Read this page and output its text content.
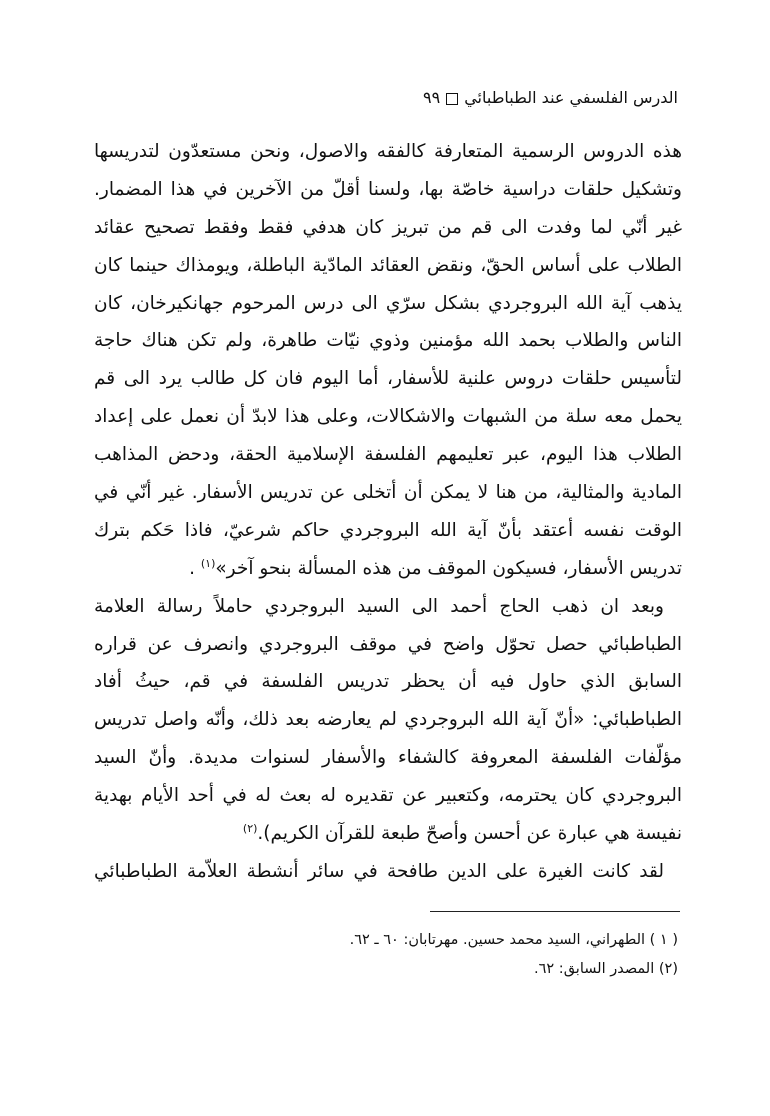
الدرس الفلسفي عند الطباطبائي٩٩
هذه الدروس الرسمية المتعارفة كالفقه والاصول، ونحن مستعدّون لتدريسها
وتشكيل حلقات دراسية خاصّة بها، ولسنا أقلّ من الآخرين في هذا المضمار.
غير أنّي لما وفدت الى قم من تبريز كان هدفي فقط وفقط تصحيح عقائد
الطلاب على أساس الحقّ، ونقض العقائد المادّية الباطلة، ويومذاك حينما كان
يذهب آية الله البروجردي بشكل سرّي الى درس المرحوم جهانكيرخان، كان
الناس والطلاب بحمد الله مؤمنين وذوي نيّات طاهرة، ولم تكن هناك حاجة
لتأسيس حلقات دروس علنية للأسفار، أما اليوم فان كل طالب يرد الى قم
يحمل معه سلة من الشبهات والاشكالات، وعلى هذا لابدّ أن نعمل على إعداد
الطلاب هذا اليوم، عبر تعليمهم الفلسفة الإسلامية الحقة، ودحض المذاهب
المادية والمثالية، من هنا لا يمكن أن أتخلى عن تدريس الأسفار. غير أنّي في
الوقت نفسه أعتقد بأنّ آية الله البروجردي حاكم شرعيّ، فاذا حَكم بترك
تدريس الأسفار، فسيكون الموقف من هذه المسألة بنحو آخر»$^{(١)}$ .
وبعد ان ذهب الحاج أحمد الى السيد البروجردي حاملاً رسالة العلامة
الطباطبائي حصل تحوّل واضح في موقف البروجردي وانصرف عن قراره
السابق الذي حاول فيه أن يحظر تدريس الفلسفة في قم، حيثُ أفاد
الطباطبائي: «أنّ آية الله البروجردي لم يعارضه بعد ذلك، وأنّه واصل تدريس
مؤلّفات الفلسفة المعروفة كالشفاء والأسفار لسنوات مديدة. وأنّ السيد
البروجردي كان يحترمه، وكتعبير عن تقديره له بعث له في أحد الأيام بهدية
نفيسة هي عبارة عن أحسن وأصحّ طبعة للقرآن الكريم).$^{(٢)}$
لقد كانت الغيرة على الدين طافحة في سائر أنشطة العلاّمة الطباطبائي
( ١ ) الطهراني، السيد محمد حسين. مهرتابان: ٦٠ ـ ٦٢.
(٢) المصدر السابق: ٦٢.
